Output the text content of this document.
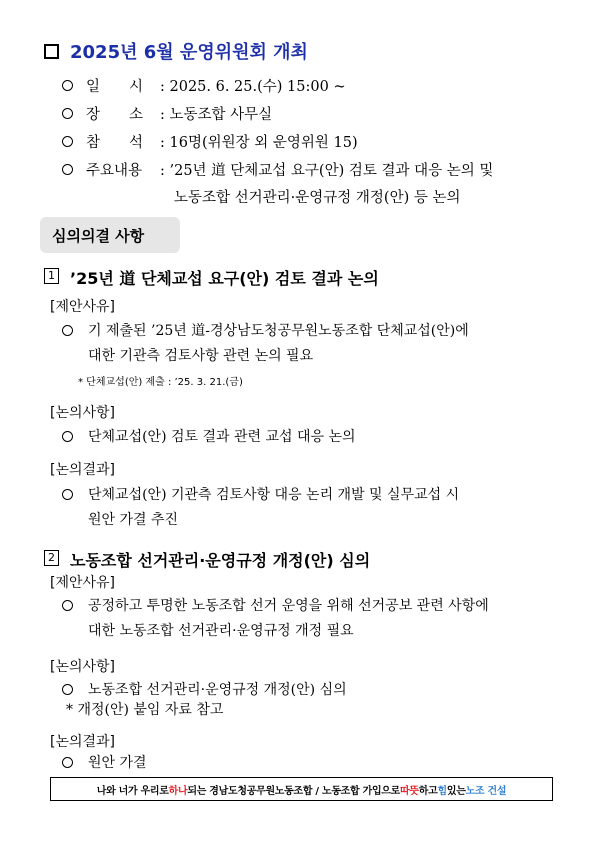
2025년 6월 운영위원회 개최
일　　시 : 2025. 6. 25.(수) 15:00 ~
장　　소 : 노동조합 사무실
참　　석 : 16명(위원장 외 운영위원 15)
주요내용 : ’25년 道 단체교섭 요구(안) 검토 결과 대응 논의 및
노동조합 선거관리·운영규정 개정(안) 등 논의
심의의결 사항
1 ’25년 道 단체교섭 요구(안) 검토 결과 논의
[제안사유]
기 제출된 ’25년 道-경상남도청공무원노동조합 단체교섭(안)에
대한 기관측 검토사항 관련 논의 필요
* 단체교섭(안) 제출 : ’25. 3. 21.(금)
[논의사항]
단체교섭(안) 검토 결과 관련 교섭 대응 논의
[논의결과]
단체교섭(안) 기관측 검토사항 대응 논리 개발 및 실무교섭 시
원안 가결 추진
2 노동조합 선거관리·운영규정 개정(안) 심의
[제안사유]
공정하고 투명한 노동조합 선거 운영을 위해 선거공보 관련 사항에
대한 노동조합 선거관리·운영규정 개정 필요
[논의사항]
노동조합 선거관리·운영규정 개정(안) 심의
* 개정(안) 붙임 자료 참고
[논의결과]
원안 가결
나와 너가 우리로 하나 되는 경남도청공무원노동조합 / 노동조합 가입으로 따뜻 하고 힘 있는 노조 건설
